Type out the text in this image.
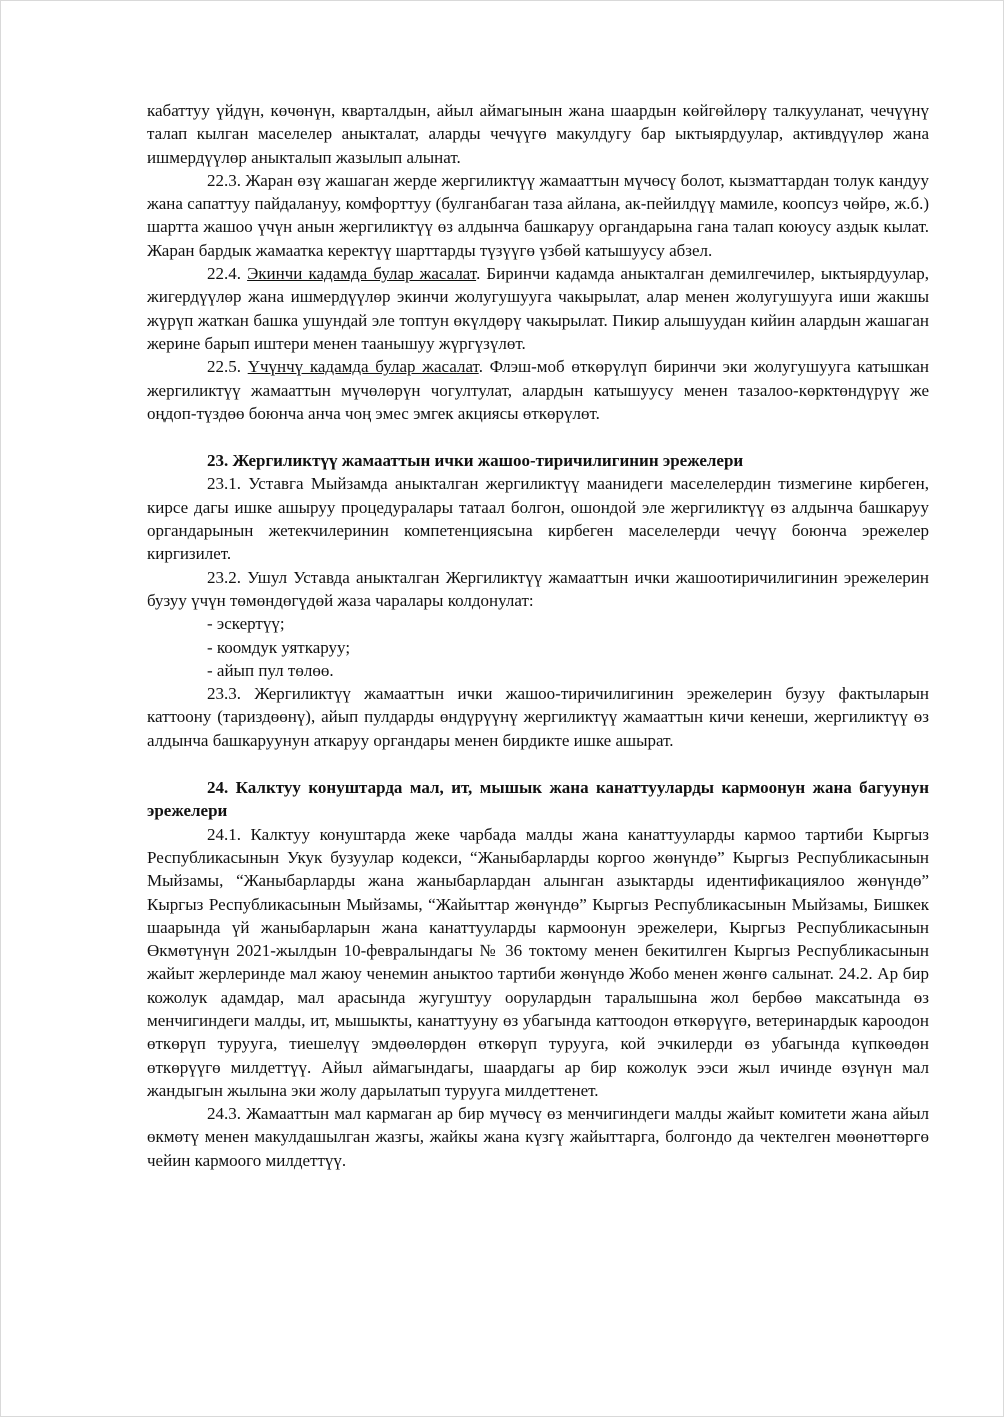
кабаттуу үйдүн, көчөнүн, кварталдын, айыл аймагынын жана шаардын көйгөйлөрү талкууланат, чечүүнү талап кылган маселелер аныкталат, аларды чечүүгө макулдугу бар ыктыярдуулар, активдүүлөр жана ишмердүүлөр аныкталып жазылып алынат.

22.3. Жаран өзү жашаган жерде жергиликтүү жамааттын мүчөсү болот, кызматтардан толук кандуу жана сапаттуу пайдалануу, комфорттуу (булганбаган таза айлана, ак-пейилдүү мамиле, коопсуз чөйрө, ж.б.) шартта жашоо үчүн анын жергиликтүү өз алдынча башкаруу органдарына гана талап коюусу аздык кылат. Жаран бардык жамаатка керектүү шарттарды түзүүгө үзбөй катышуусу абзел.

22.4. Экинчи кадамда булар жасалат. Биринчи кадамда аныкталган демилгечилер, ыктыярдуулар, жигердүүлөр жана ишмердүүлөр экинчи жолугушууга чакырылат, алар менен жолугушууга иши жакшы жүрүп жаткан башка ушундай эле топтун өкүлдөрү чакырылат. Пикир алышуудан кийин алардын жашаган жерине барып иштери менен таанышуу жүргүзүлөт.

22.5. Үчүнчү кадамда булар жасалат. Флэш-моб өткөрүлүп биринчи эки жолугушууга катышкан жергиликтүү жамааттын мүчөлөрүн чогултулат, алардын катышуусу менен тазалоо-көрктөндүрүү же оңдоп-түздөө боюнча анча чоң эмес эмгек акциясы өткөрүлөт.

23. Жергиликтүү жамааттын ички жашоо-тиричилигинин эрежелери

23.1. Уставга Мыйзамда аныкталган жергиликтүү маанидеги маселелердин тизмегине кирбеген, кирсе дагы ишке ашыруу процедуралары татаал болгон, ошондой эле жергиликтүү өз алдынча башкаруу органдарынын жетекчилеринин компетенциясына кирбеген маселелерди чечүү боюнча эрежелер киргизилет.

23.2. Ушул Уставда аныкталган Жергиликтүү жамааттын ички жашоотиричилигинин эрежелерин бузуу үчүн төмөндөгүдөй жаза чаралары колдонулат:

- эскертүү;

- коомдук уяткаруу;

- айып пул төлөө.

23.3. Жергиликтүү жамааттын ички жашоо-тиричилигинин эрежелерин бузуу фактыларын каттоону (тариздөөнү), айып пулдарды өндүрүүнү жергиликтүү жамааттын кичи кенеши, жергиликтүү өз алдынча башкаруунун аткаруу органдары менен бирдикте ишке ашырат.

24. Калктуу конуштарда мал, ит, мышык жана канаттууларды кармоонун жана багуунун эрежелери

24.1. Калктуу конуштарда жеке чарбада малды жана канаттууларды кармоо тартиби Кыргыз Республикасынын Укук бузуулар кодекси, “Жаныбарларды коргоо жөнүндө” Кыргыз Республикасынын Мыйзамы, “Жаныбарларды жана жаныбарлардан алынган азыктарды идентификациялоо жөнүндө” Кыргыз Республикасынын Мыйзамы, “Жайыттар жөнүндө” Кыргыз Республикасынын Мыйзамы, Бишкек шаарында үй жаныбарларын жана канаттууларды кармоонун эрежелери, Кыргыз Республикасынын Өкмөтүнүн 2021-жылдын 10-февралындагы № 36 токтому менен бекитилген Кыргыз Республикасынын жайыт жерлеринде мал жаюу ченемин аныктоо тартиби жөнүндө Жобо менен жөнгө салынат. 24.2. Ар бир кожолук адамдар, мал арасында жугуштуу оорулардын таралышына жол бербөө максатында өз менчигиндеги малды, ит, мышыкты, канаттууну өз убагында каттоодон өткөрүүгө, ветеринардык кароодон өткөрүп турууга, тиешелүү эмдөөлөрдөн өткөрүп турууга, кой эчкилерди өз убагында күпкөөдөн өткөрүүгө милдеттүү. Айыл аймагындагы, шаардагы ар бир кожолук ээси жыл ичинде өзүнүн мал жандыгын жылына эки жолу дарылатып турууга милдеттенет.

24.3. Жамааттын мал кармаган ар бир мүчөсү өз менчигиндеги малды жайыт комитети жана айыл өкмөтү менен макулдашылган жазгы, жайкы жана күзгү жайыттарга, болгондо да чектелген мөөнөттөргө чейин кармоого милдеттүү.
